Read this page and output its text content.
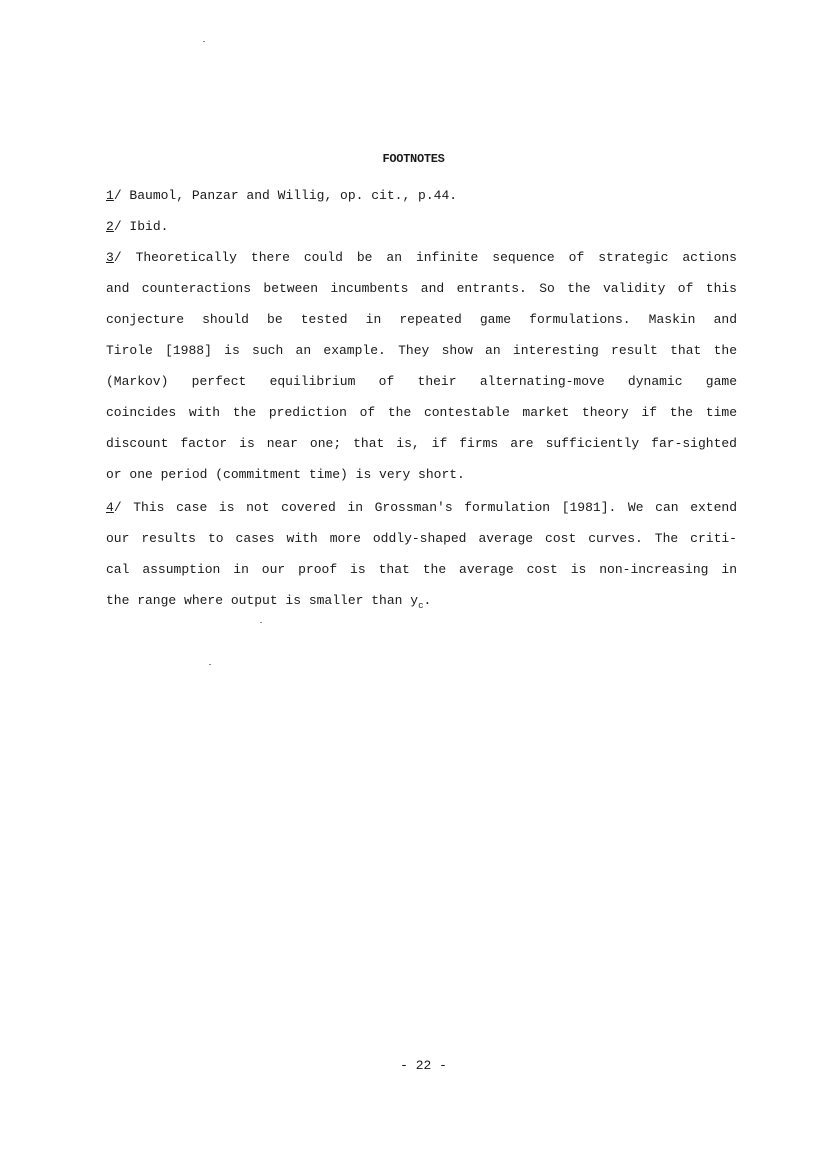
FOOTNOTES
1/ Baumol, Panzar and Willig, op. cit., p.44.
2/ Ibid.
3/ Theoretically there could be an infinite sequence of strategic actions
and counteractions between incumbents and entrants. So the validity of this
conjecture should be tested in repeated game formulations. Maskin and
Tirole [1988] is such an example. They show an interesting result that the
(Markov) perfect equilibrium of their alternating-move dynamic game
coincides with the prediction of the contestable market theory if the time
discount factor is near one; that is, if firms are sufficiently far-sighted
or one period (commitment time) is very short.
4/ This case is not covered in Grossman's formulation [1981]. We can extend
our results to cases with more oddly-shaped average cost curves. The criti-
cal assumption in our proof is that the average cost is non-increasing in
the range where output is smaller than $y_c$.
- 22 -
